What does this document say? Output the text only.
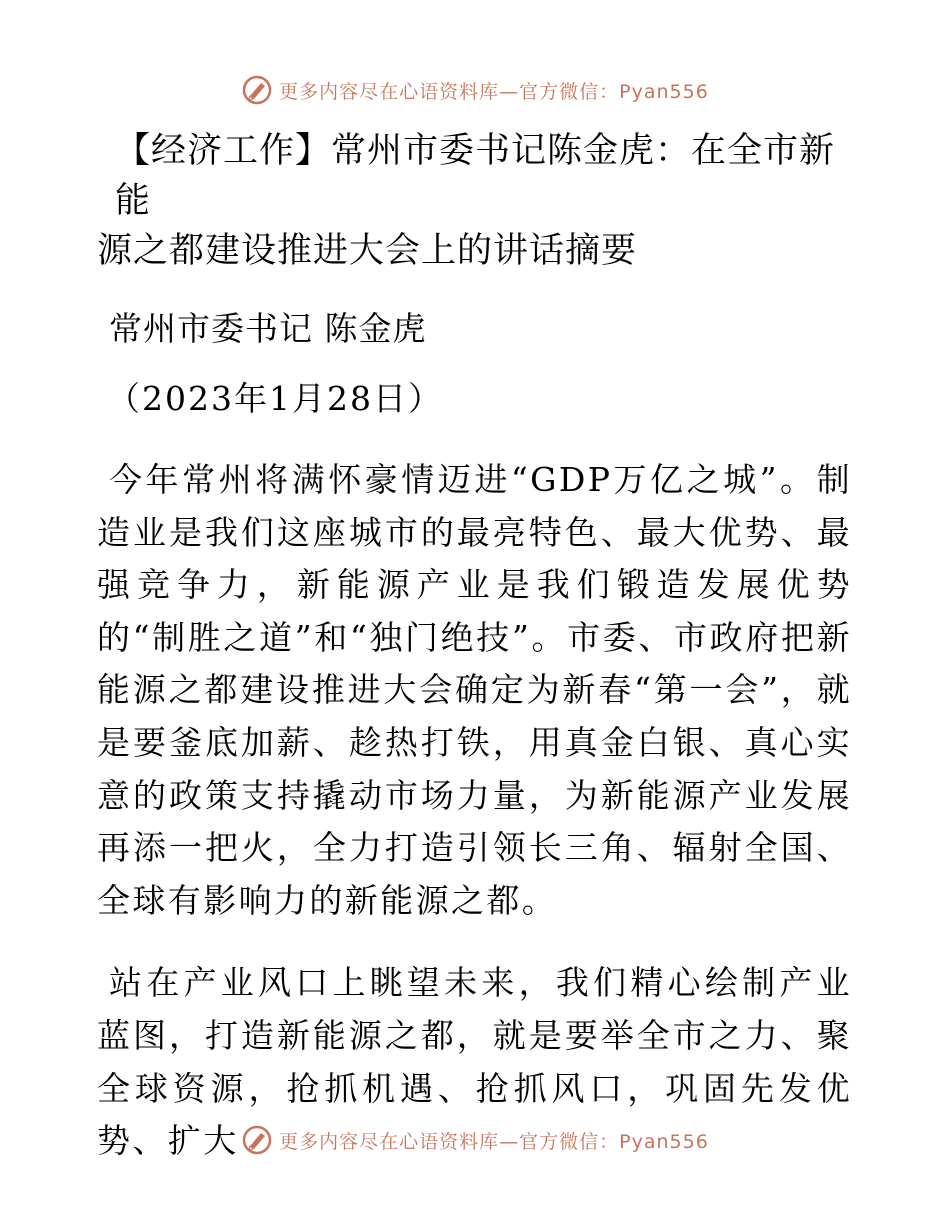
更多内容尽在心语资料库—官方微信：Pyan556
【经济工作】常州市委书记陈金虎：在全市新能
源之都建设推进大会上的讲话摘要
常州市委书记 陈金虎
（2023年1月28日）

今年常州将满怀豪情迈进“GDP万亿之城”。制造业是我们这座城市的最亮特色、最大优势、最强竞争力，新能源产业是我们锻造发展优势的“制胜之道”和“独门绝技”。市委、市政府把新能源之都建设推进大会确定为新春“第一会”，就是要釜底加薪、趁热打铁，用真金白银、真心实意的政策支持撬动市场力量，为新能源产业发展再添一把火，全力打造引领长三角、辐射全国、全球有影响力的新能源之都。

站在产业风口上眺望未来，我们精心绘制产业蓝图，打造新能源之都，就是要举全市之力、聚全球资源，抢抓机遇、抢抓风口，巩固先发优势、扩大	更多内容尽在心语资料库—官方微信：Pyan556
